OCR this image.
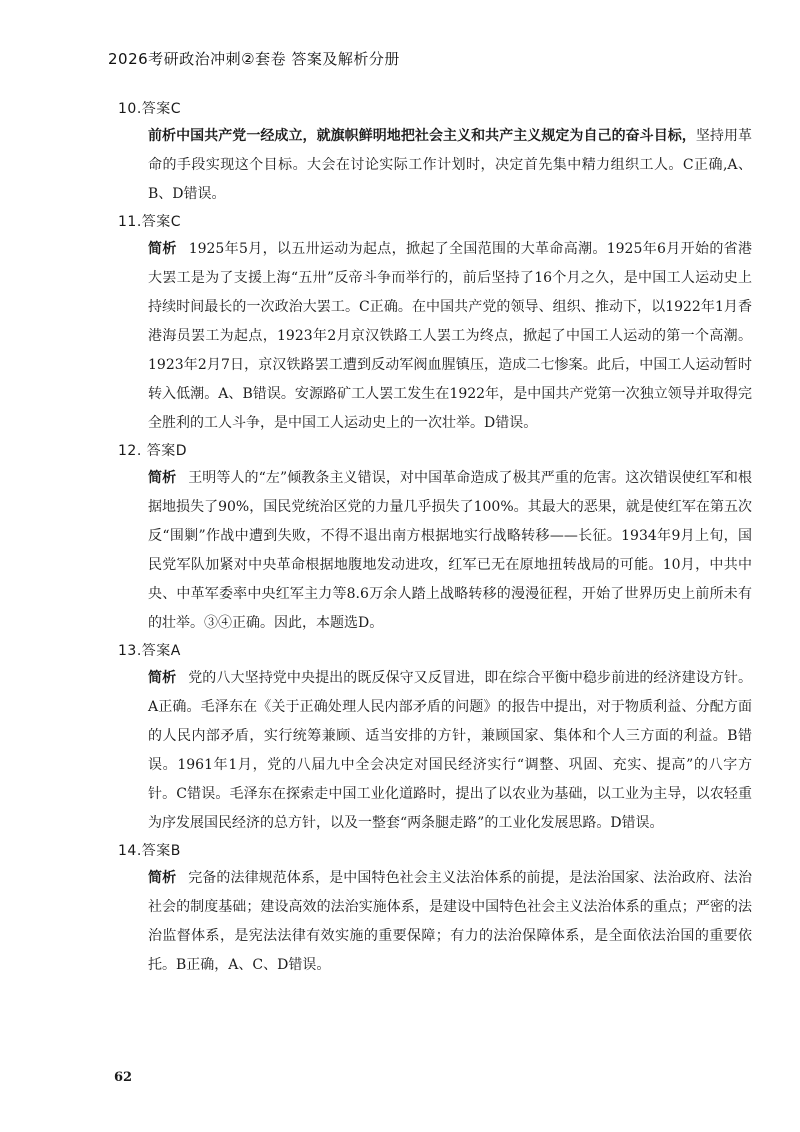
2026考研政治冲刺②套卷 答案及解析分册
10.答案C
前析中国共产党一经成立，就旗帜鲜明地把社会主义和共产主义规定为自己的奋斗目标，坚持用革命的手段实现这个目标。大会在讨论实际工作计划时，决定首先集中精力组织工人。C正确,A、B、D错误。
11.答案C
简析 1925年5月，以五卅运动为起点，掀起了全国范围的大革命高潮。1925年6月开始的省港大罢工是为了支援上海“五卅”反帝斗争而举行的，前后坚持了16个月之久，是中国工人运动史上持续时间最长的一次政治大罢工。C正确。在中国共产党的领导、组织、推动下，以1922年1月香港海员罢工为起点，1923年2月京汉铁路工人罢工为终点，掀起了中国工人运动的第一个高潮。1923年2月7日，京汉铁路罢工遭到反动军阀血腥镇压，造成二七惨案。此后，中国工人运动暂时转入低潮。A、B错误。安源路矿工人罢工发生在1922年，是中国共产党第一次独立领导并取得完全胜利的工人斗争，是中国工人运动史上的一次壮举。D错误。
12. 答案D
简析 王明等人的“左”倾教条主义错误，对中国革命造成了极其严重的危害。这次错误使红军和根据地损失了90%，国民党统治区党的力量几乎损失了100%。其最大的恶果，就是使红军在第五次反“围剿”作战中遭到失败，不得不退出南方根据地实行战略转移——长征。1934年9月上旬，国民党军队加紧对中央革命根据地腹地发动进攻，红军已无在原地扭转战局的可能。10月，中共中央、中革军委率中央红军主力等8.6万余人踏上战略转移的漫漫征程，开始了世界历史上前所未有的壮举。③④正确。因此，本题选D。
13.答案A
简析 党的八大坚持党中央提出的既反保守又反冒进，即在综合平衡中稳步前进的经济建设方针。A正确。毛泽东在《关于正确处理人民内部矛盾的问题》的报告中提出，对于物质利益、分配方面的人民内部矛盾，实行统筹兼顾、适当安排的方针，兼顾国家、集体和个人三方面的利益。B错误。1961年1月，党的八届九中全会决定对国民经济实行“调整、巩固、充实、提高”的八字方针。C错误。毛泽东在探索走中国工业化道路时，提出了以农业为基础，以工业为主导，以农轻重为序发展国民经济的总方针，以及一整套“两条腿走路”的工业化发展思路。D错误。
14.答案B
简析 完备的法律规范体系，是中国特色社会主义法治体系的前提，是法治国家、法治政府、法治社会的制度基础；建设高效的法治实施体系，是建设中国特色社会主义法治体系的重点；严密的法治监督体系，是宪法法律有效实施的重要保障；有力的法治保障体系，是全面依法治国的重要依托。B正确，A、C、D错误。
62
